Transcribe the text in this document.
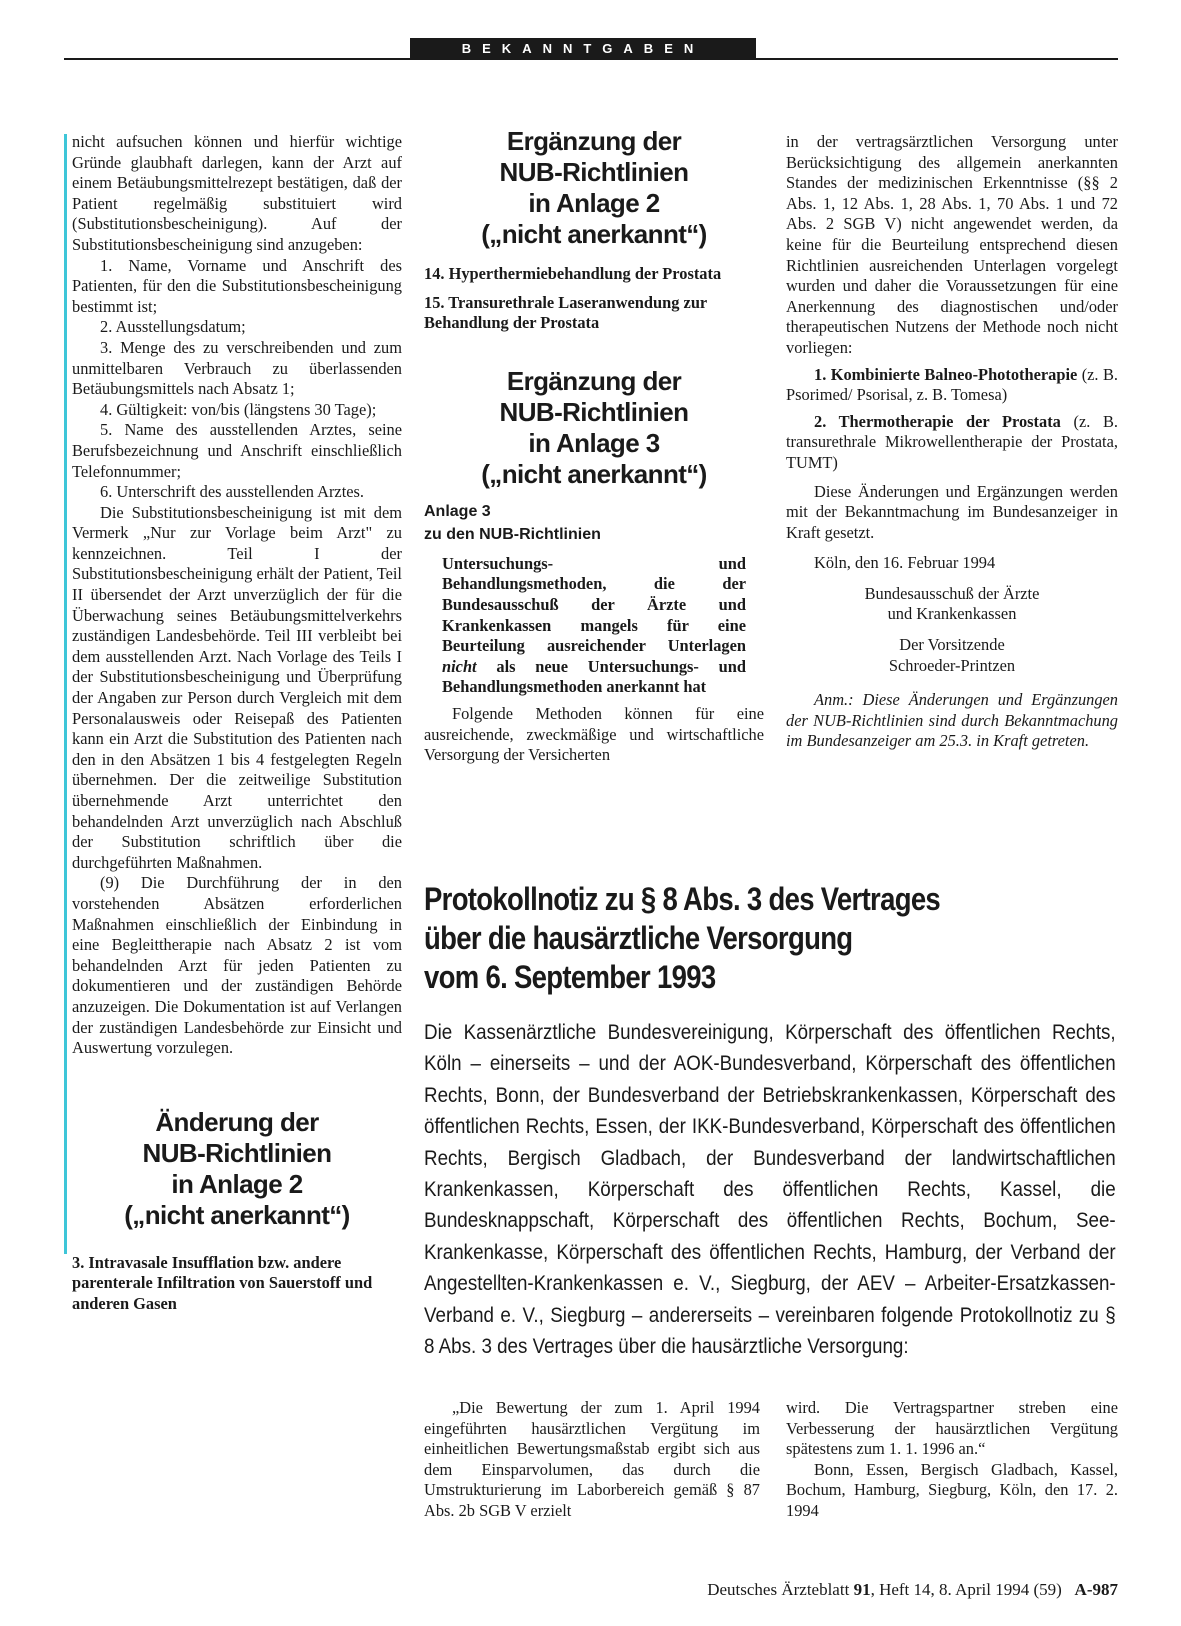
BEKANNTGABEN

nicht aufsuchen können und hierfür wichtige Gründe glaubhaft darlegen, kann der Arzt auf einem Betäubungsmittelrezept bestätigen, daß der Patient regelmäßig substituiert wird (Substitutionsbescheinigung). Auf der Substitutionsbescheinigung sind anzugeben:

1. Name, Vorname und Anschrift des Patienten, für den die Substitutionsbescheinigung bestimmt ist;

2. Ausstellungsdatum;

3. Menge des zu verschreibenden und zum unmittelbaren Verbrauch zu überlassenden Betäubungsmittels nach Absatz 1;

4. Gültigkeit: von/bis (längstens 30 Tage);

5. Name des ausstellenden Arztes, seine Berufsbezeichnung und Anschrift einschließlich Telefonnummer;

6. Unterschrift des ausstellenden Arztes.

Die Substitutionsbescheinigung ist mit dem Vermerk „Nur zur Vorlage beim Arzt" zu kennzeichnen. Teil I der Substitutionsbescheinigung erhält der Patient, Teil II übersendet der Arzt unverzüglich der für die Überwachung seines Betäubungsmittelverkehrs zuständigen Landesbehörde. Teil III verbleibt bei dem ausstellenden Arzt. Nach Vorlage des Teils I der Substitutionsbescheinigung und Überprüfung der Angaben zur Person durch Vergleich mit dem Personalausweis oder Reisepaß des Patienten kann ein Arzt die Substitution des Patienten nach den in den Absätzen 1 bis 4 festgelegten Regeln übernehmen. Der die zeitweilige Substitution übernehmende Arzt unterrichtet den behandelnden Arzt unverzüglich nach Abschluß der Substitution schriftlich über die durchgeführten Maßnahmen.

(9) Die Durchführung der in den vorstehenden Absätzen erforderlichen Maßnahmen einschließlich der Einbindung in eine Begleittherapie nach Absatz 2 ist vom behandelnden Arzt für jeden Patienten zu dokumentieren und der zuständigen Behörde anzuzeigen. Die Dokumentation ist auf Verlangen der zuständigen Landesbehörde zur Einsicht und Auswertung vorzulegen.

Änderung der
NUB-Richtlinien
in Anlage 2
(„nicht anerkannt“)

3. Intravasale Insufflation bzw. andere parenterale Infiltration von Sauerstoff und anderen Gasen

Ergänzung der
NUB-Richtlinien
in Anlage 2
(„nicht anerkannt“)

14. Hyperthermiebehandlung der Prostata

15. Transurethrale Laseranwendung zur Behandlung der Prostata

Ergänzung der
NUB-Richtlinien
in Anlage 3
(„nicht anerkannt“)
Anlage 3
zu den NUB-Richtlinien

Untersuchungs- und Behandlungsmethoden, die der Bundesausschuß der Ärzte und Krankenkassen mangels für eine Beurteilung ausreichender Unterlagen nicht als neue Untersuchungs- und Behandlungsmethoden anerkannt hat

Folgende Methoden können für eine ausreichende, zweckmäßige und wirtschaftliche Versorgung der Versicherten

in der vertragsärztlichen Versorgung unter Berücksichtigung des allgemein anerkannten Standes der medizinischen Erkenntnisse (§§ 2 Abs. 1, 12 Abs. 1, 28 Abs. 1, 70 Abs. 1 und 72 Abs. 2 SGB V) nicht angewendet werden, da keine für die Beurteilung entsprechend diesen Richtlinien ausreichenden Unterlagen vorgelegt wurden und daher die Voraussetzungen für eine Anerkennung des diagnostischen und/oder therapeutischen Nutzens der Methode noch nicht vorliegen:

1. Kombinierte Balneo-Phototherapie (z. B. Psorimed/ Psorisal, z. B. Tomesa)

2. Thermotherapie der Prostata (z. B. transurethrale Mikrowellentherapie der Prostata, TUMT)

Diese Änderungen und Ergänzungen werden mit der Bekanntmachung im Bundesanzeiger in Kraft gesetzt.

Köln, den 16. Februar 1994

Bundesausschuß der Ärzte

und Krankenkassen

Der Vorsitzende

Schroeder-Printzen

Anm.: Diese Änderungen und Ergänzungen der NUB-Richtlinien sind durch Bekanntmachung im Bundesanzeiger am 25.3. in Kraft getreten.

Protokollnotiz zu § 8 Abs. 3 des Vertrages
über die hausärztliche Versorgung
vom 6. September 1993
Die Kassenärztliche Bundesvereinigung, Körperschaft des öffentlichen Rechts, Köln – einerseits – und der AOK-Bundesverband, Körperschaft des öffentlichen Rechts, Bonn, der Bundesverband der Betriebskrankenkassen, Körperschaft des öffentlichen Rechts, Essen, der IKK-Bundesverband, Körperschaft des öffentlichen Rechts, Bergisch Gladbach, der Bundesverband der landwirtschaftlichen Krankenkassen, Körperschaft des öffentlichen Rechts, Kassel, die Bundesknappschaft, Körperschaft des öffentlichen Rechts, Bochum, See-Krankenkasse, Körperschaft des öffentlichen Rechts, Hamburg, der Verband der Angestellten-Krankenkassen e. V., Siegburg, der AEV – Arbeiter-Ersatzkassen-Verband e. V., Siegburg – andererseits – vereinbaren folgende Protokollnotiz zu § 8 Abs. 3 des Vertrages über die hausärztliche Versorgung:

„Die Bewertung der zum 1. April 1994 eingeführten hausärztlichen Vergütung im einheitlichen Bewertungsmaßstab ergibt sich aus dem Einsparvolumen, das durch die Umstrukturierung im Laborbereich gemäß § 87 Abs. 2b SGB V erzielt

wird. Die Vertragspartner streben eine Verbesserung der hausärztlichen Vergütung spätestens zum 1. 1. 1996 an.“

Bonn, Essen, Bergisch Gladbach, Kassel, Bochum, Hamburg, Siegburg, Köln, den 17. 2. 1994

Deutsches Ärzteblatt 91, Heft 14, 8. April 1994 (59) A-987
